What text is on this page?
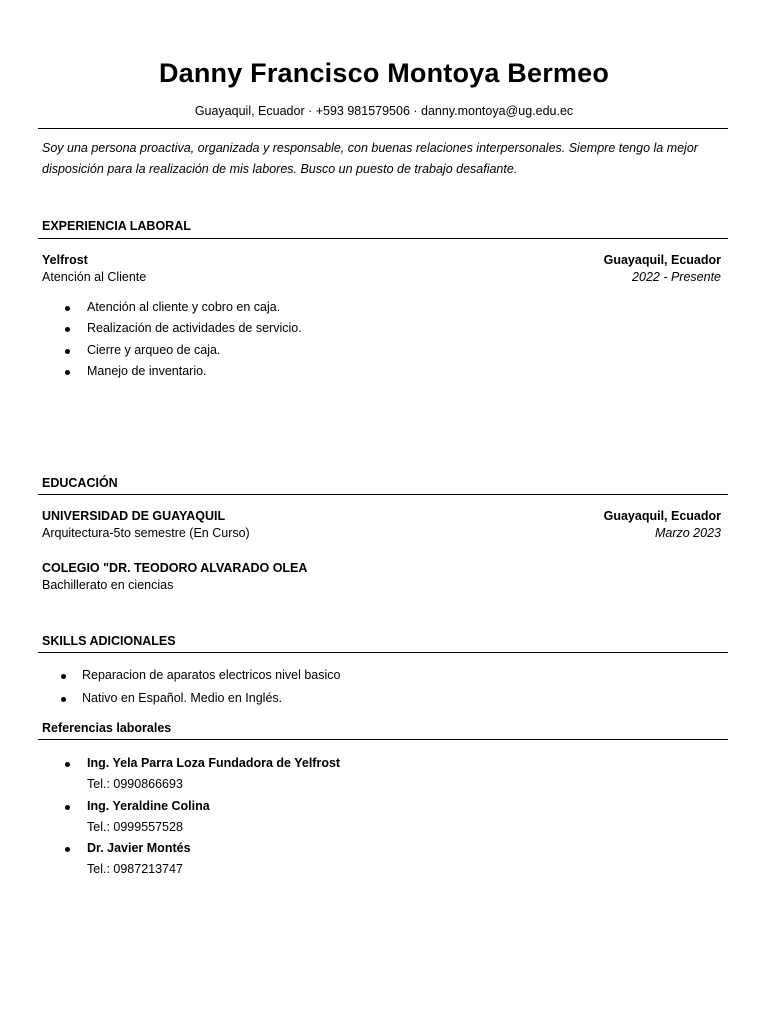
Danny Francisco Montoya Bermeo
Guayaquil, Ecuador · +593 981579506 · danny.montoya@ug.edu.ec
Soy una persona proactiva, organizada y responsable, con buenas relaciones interpersonales. Siempre tengo la mejor disposición para la realización de mis labores. Busco un puesto de trabajo desafiante.
EXPERIENCIA LABORAL
Yelfrost	Guayaquil, Ecuador
Atención al Cliente	2022 - Presente
Atención al cliente y cobro en caja.
Realización de actividades de servicio.
Cierre y arqueo de caja.
Manejo de inventario.
EDUCACIÓN
UNIVERSIDAD DE GUAYAQUIL	Guayaquil, Ecuador
Arquitectura-5to semestre (En Curso)	Marzo 2023
COLEGIO "DR. TEODORO ALVARADO OLEA
Bachillerato en ciencias
SKILLS ADICIONALES
Reparacion de aparatos electricos nivel basico
Nativo en Español. Medio en Inglés.
Referencias laborales
Ing. Yela Parra Loza Fundadora de Yelfrost
Tel.: 0990866693
Ing. Yeraldine Colina
Tel.: 0999557528
Dr. Javier Montés
Tel.: 0987213747
